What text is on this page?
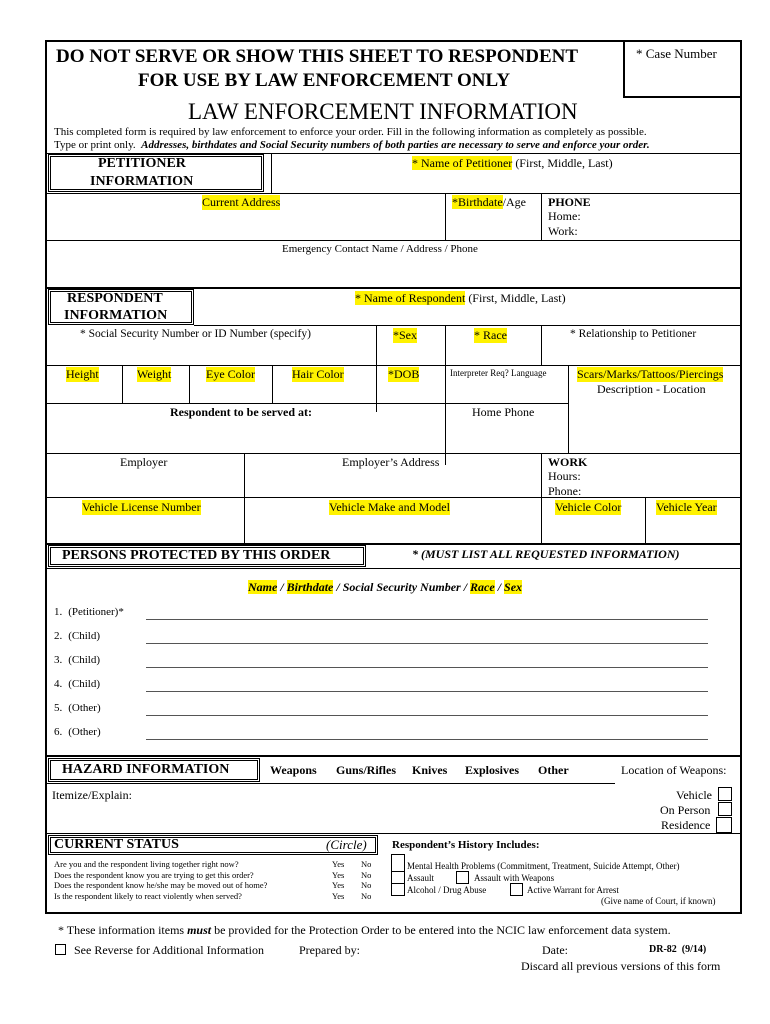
DO NOT SERVE OR SHOW THIS SHEET TO RESPONDENT
FOR USE BY LAW ENFORCEMENT ONLY
* Case Number
LAW ENFORCEMENT INFORMATION
This completed form is required by law enforcement to enforce your order. Fill in the following information as completely as possible.
Type or print only. Addresses, birthdates and Social Security numbers of both parties are necessary to serve and enforce your order.
PETITIONER
INFORMATION
* Name of Petitioner (First, Middle, Last)
Current Address	*Birthdate/Age PHONE
Home:
Work:
Emergency Contact Name / Address / Phone
RESPONDENT
INFORMATION
* Name of Respondent (First, Middle, Last)
* Social Security Number or ID Number (specify)	*Sex	* Race	* Relationship to Petitioner
Height	Weight	Eye Color	Hair Color	*DOB	Interpreter Req? Language	Scars/Marks/Tattoos/Piercings
Description - Location
Respondent to be served at:	Home Phone
Employer	Employer’s Address	WORK
Hours:
Phone:
Vehicle License Number	Vehicle Make and Model	Vehicle Color	Vehicle Year
PERSONS PROTECTED BY THIS ORDER	* (MUST LIST ALL REQUESTED INFORMATION)
Name / Birthdate / Social Security Number / Race / Sex
1. (Petitioner)*
2. (Child)
3. (Child)
4. (Child)
5. (Other)
6. (Other)
HAZARD INFORMATION	Weapons Guns/Rifles Knives Explosives Other	Location of Weapons:
Itemize/Explain:	Vehicle
On Person
Residence
CURRENT STATUS	(Circle) Respondent’s History Includes:
Are you and the respondent living together right now?	Yes No
Does the respondent know you are trying to get this order?	Yes No
Does the respondent know he/she may be moved out of home?	Yes No
Is the respondent likely to react violently when served?	Yes No
Mental Health Problems (Commitment, Treatment, Suicide Attempt, Other)
Assault	Assault with Weapons
Alcohol / Drug Abuse	Active Warrant for Arrest
(Give name of Court, if known)
* These information items must be provided for the Protection Order to be entered into the NCIC law enforcement data system.
See Reverse for Additional Information	Prepared by:	Date:	DR-82  (9/14)
Discard all previous versions of this form
